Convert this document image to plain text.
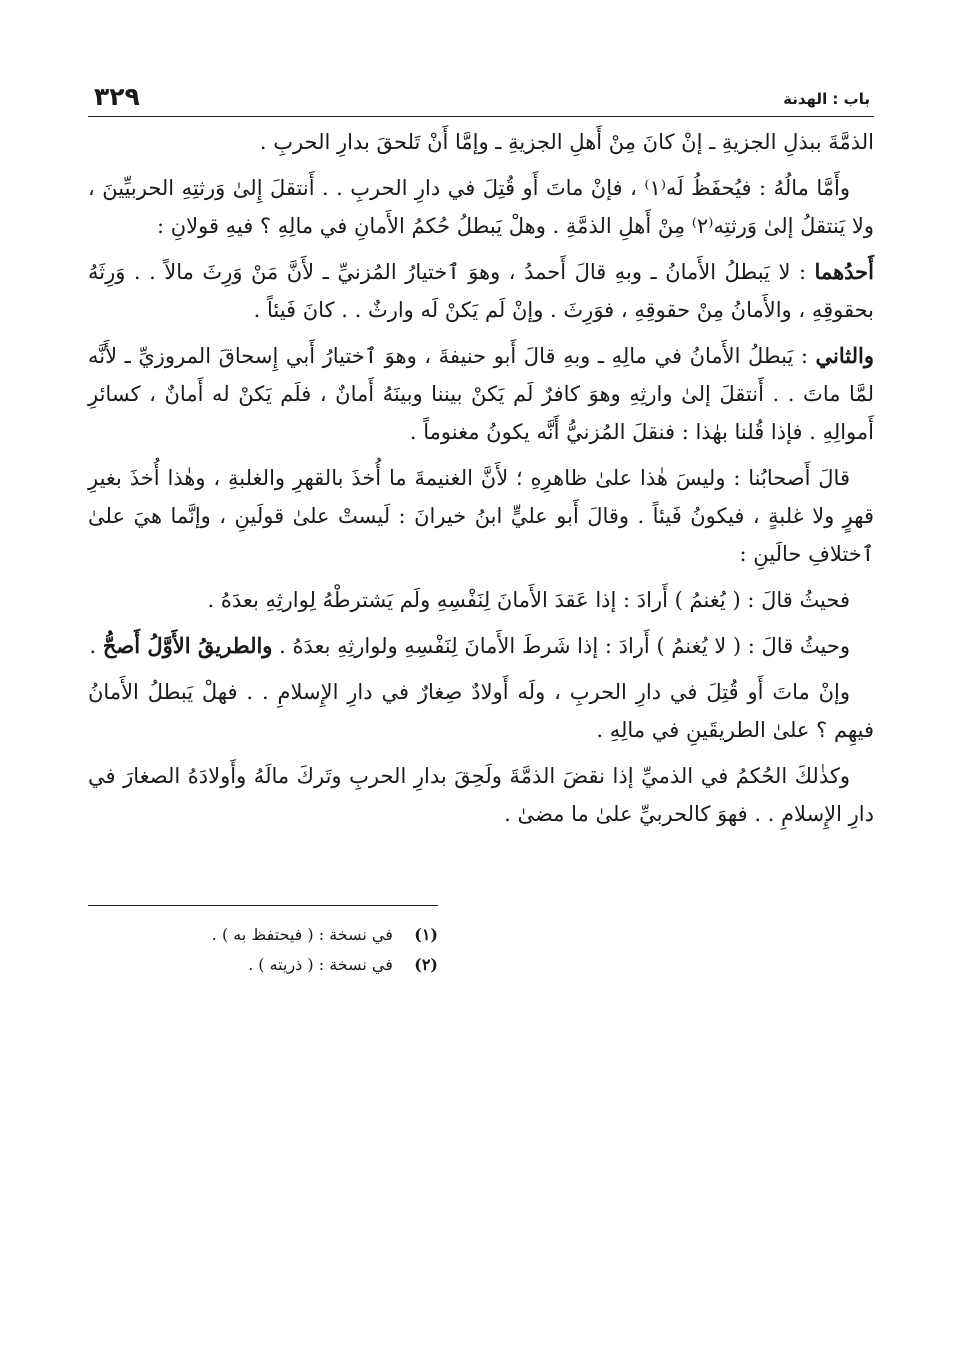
باب : الهدنة
٣٢٩

الذمَّةَ ببذلِ الجزيةِ ـ إنْ كانَ مِنْ أَهلِ الجزيةِ ـ وإمَّا أَنْ تَلحقَ بدارِ الحربِ .

وأَمَّا مالُهُ : فيُحفَظُ لَه⁽١⁾ ، فإنْ ماتَ أَو قُتِلَ في دارِ الحربِ . . أَنتقلَ إِلىٰ وَرثتِهِ الحربيِّينَ ، ولا يَنتقلُ إلىٰ وَرثتِه⁽٢⁾ مِنْ أَهلِ الذمَّةِ . وهلْ يَبطلُ حُكمُ الأَمانِ في مالِهِ ؟ فيهِ قولانِ :

أَحدُهما : لا يَبطلُ الأَمانُ ـ وبهِ قالَ أَحمدُ ، وهوَ ٱختيارُ المُزنيِّ ـ لأَنَّ مَنْ وَرِثَ مالاً . . وَرِثَهُ بحقوقِهِ ، والأَمانُ مِنْ حقوقِهِ ، فوَرِثَ . وإنْ لَم يَكنْ لَه وارثٌ . . كانَ فَيئاً .

والثاني : يَبطلُ الأَمانُ في مالِهِ ـ وبهِ قالَ أَبو حنيفةَ ، وهوَ ٱختيارُ أَبي إِسحاقَ المروزيِّ ـ لأَنَّه لمَّا ماتَ . . أَنتقلَ إلىٰ وارثِهِ وهوَ كافرٌ لَم يَكنْ بيننا وبينَهُ أَمانٌ ، فلَم يَكنْ له أَمانٌ ، كسائرِ أَموالِهِ . فإذا قُلنا بهٰذا : فنقلَ المُزنيُّ أَنَّه يكونُ مغنوماً .

قالَ أَصحابُنا : وليسَ هٰذا علىٰ ظاهرِهِ ؛ لأَنَّ الغنيمةَ ما أُخذَ بالقهرِ والغلبةِ ، وهٰذا أُخذَ بغيرِ قهرٍ ولا غلبةٍ ، فيكونُ فَيئاً . وقالَ أَبو عليٍّ ابنُ خيرانَ : لَيستْ علىٰ قولَينِ ، وإنَّما هيَ علىٰ ٱختلافِ حالَينِ :

فحيثُ قالَ : ( يُغنمُ ) أَرادَ : إذا عَقدَ الأَمانَ لِنَفْسِهِ ولَم يَشترطْهُ لِوارثِهِ بعدَهُ .

وحيثُ قالَ : ( لا يُغنمُ ) أَرادَ : إذا شَرطَ الأَمانَ لِنَفْسِهِ ولوارثِهِ بعدَهُ . والطريقُ الأَوَّلُ أَصحُّ .

وإنْ ماتَ أَو قُتِلَ في دارِ الحربِ ، ولَه أَولادٌ صِغارٌ في دارِ الإِسلامِ . . فهلْ يَبطلُ الأَمانُ فيهِم ؟ علىٰ الطريقَينِ في مالِهِ .

وكذٰلكَ الحُكمُ في الذميِّ إذا نقضَ الذمَّةَ ولَحِقَ بدارِ الحربِ وتَركَ مالَهُ وأَولادَهُ الصغارَ في دارِ الإِسلامِ . . فهوَ كالحربيِّ علىٰ ما مضىٰ .

(١) في نسخة : ( فيحتفظ به ) .
(٢) في نسخة : ( ذريته ) .
